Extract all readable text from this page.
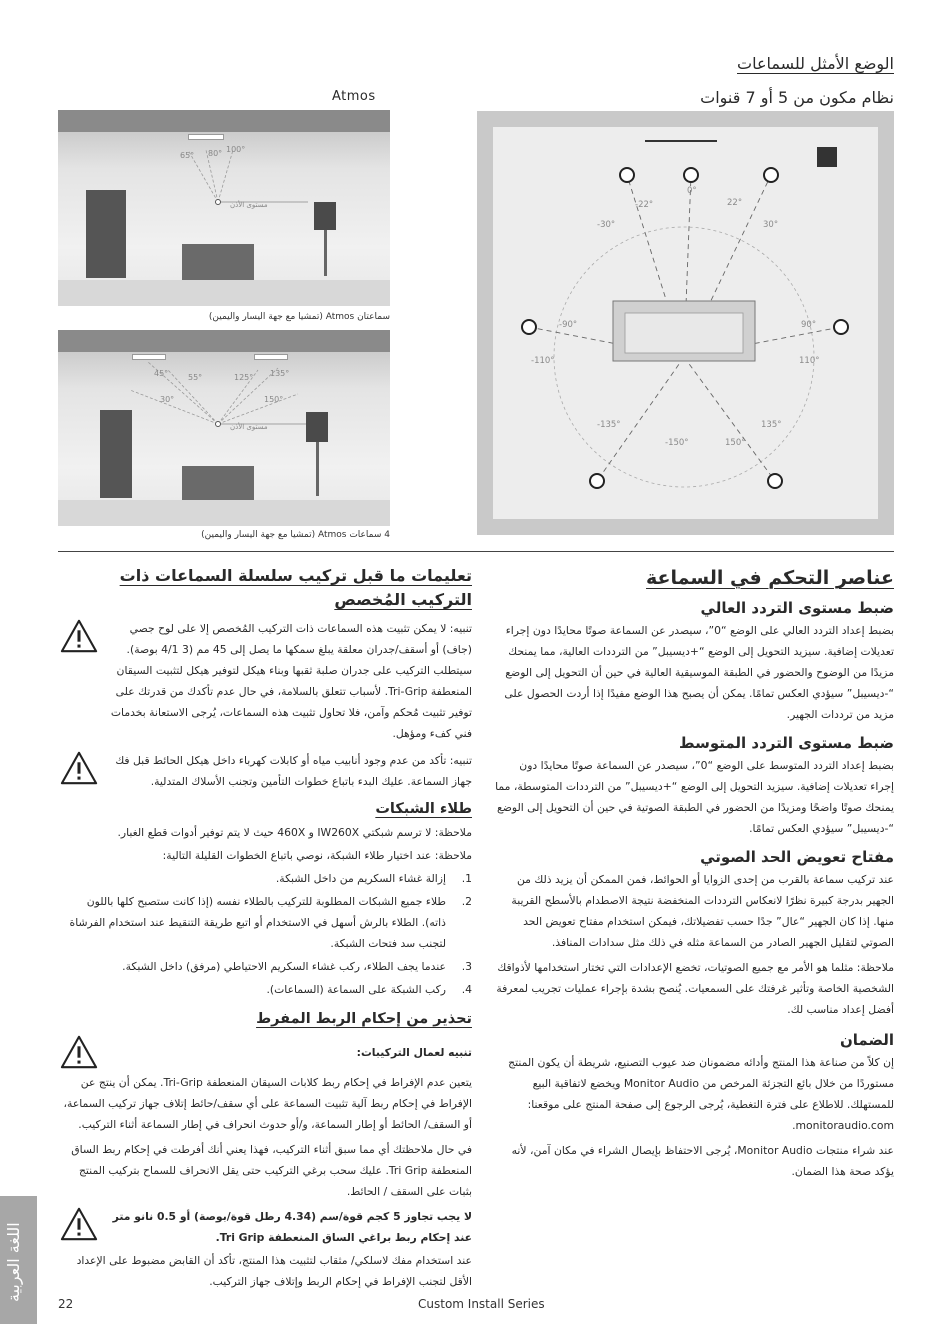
الوضع الأمثل للسماعات
نظام مكون من 5 أو 7 قنوات
Atmos
65° 80° 100°
مستوى الأذن
سماعتان Atmos (تمشيا مع جهة اليسار واليمين)
45° 55°
30°
125° 135°
150°
مستوى الأذن
4 سماعات Atmos (تمشيا مع جهة اليسار واليمين)
-22°	22°
0°
-30°	30°
-90°	90°
-110°	110°
-135°	135°
-150°	150°
عناصر التحكم في السماعة
ضبط مستوى التردد العالي

بضبط إعداد التردد العالي على الوضع “0”، سيصدر عن السماعة صوتًا محايدًا دون إجراء تعديلات إضافية. سيزيد التحويل إلى الوضع “+ديسيبل” من الترددات العالية، مما يمنحك مزيدًا من الوضوح والحضور في الطبقة الموسيقية العالية في حين أن التحويل إلى الوضع “-ديسيبل” سيؤدي العكس تمامًا. يمكن أن يصبح هذا الوضع مفيدًا إذا أردت الحصول على مزيد من ترددات الجهير.

ضبط مستوى التردد المتوسط

بضبط إعداد التردد المتوسط على الوضع “0”، سيصدر عن السماعة صوتًا محايدًا دون إجراء تعديلات إضافية. سيزيد التحويل إلى الوضع “+ديسيبل” من الترددات المتوسطة، مما يمنحك صوتًا واضحًا ومزيدًا من الحضور في الطبقة الصوتية في حين أن التحويل إلى الوضع “-ديسيبل” سيؤدي العكس تمامًا.

مفتاح تعويض الحد الصوتي

عند تركيب سماعة بالقرب من إحدى الزوايا أو الحوائط، فمن الممكن أن يزيد ذلك من الجهير بدرجة كبيرة نظرًا لانعكاس الترددات المنخفضة نتيجة الاصطدام بالأسطح القريبة منها. إذا كان الجهير “عال” جدًا حسب تفضيلاتك، فيمكن استخدام مفتاح تعويض الحد الصوتي لتقليل الجهير الصادر من السماعة مثله في ذلك مثل سدادات المنافذ.

ملاحظة: مثلما هو الأمر مع جميع الصوتيات، تخضع الإعدادات التي تختار استخدامها لأذواقك الشخصية الخاصة وتأثير غرفتك على السمعيات. يُنصح بشدة بإجراء عمليات تجريب لمعرفة أفضل إعداد مناسب لك.

الضمان

إن كلاً من صناعة هذا المنتج وأدائه مضمونان ضد عيوب التصنيع، شريطة أن يكون المنتج مستوردًا من خلال بائع التجزئة المرخص من Monitor Audio ويخضع لاتفاقية البيع للمستهلك. للاطلاع على فترة التغطية، يُرجى الرجوع إلى صفحة المنتج على موقعنا: monitoraudio.com.

عند شراء منتجات Monitor Audio، يُرجى الاحتفاظ بإيصال الشراء في مكان آمن، لأنه يؤكد صحة هذا الضمان.

تعليمات ما قبل تركيب سلسلة السماعات ذات التركيب المُخصص

تنبيه: لا يمكن تثبيت هذه السماعات ذات التركيب المُخصص إلا على لوح جصي (جاف) أو أسقف/جدران معلقة يبلغ سمكها ما يصل إلى 45 مم (3 4/1 بوصة). سيتطلب التركيب على جدران صلبة ثقبها وبناء هيكل لتوفير هيكل لتثبيت السيقان المنعطفة Tri-Grip. لأسباب تتعلق بالسلامة، في حال عدم تأكدك من قدرتك على توفير تثبيت مُحكم وآمن، فلا تحاول تثبيت هذه السماعات، يُرجى الاستعانة بخدمات فني كفء ومؤهل.

تنبيه: تأكد من عدم وجود أنابيب مياه أو كابلات كهرباء داخل هيكل الحائط قبل فك جهاز السماعة. عليك البدء باتباع خطوات التأمين وتجنب الأسلاك المتدلية.

طلاء الشبكات

ملاحظة: لا ترسم شبكتي IW260X و 460X حيث لا يتم توفير أدوات قطع الغبار.

ملاحظة: عند اختيار طلاء الشبكة، نوصي باتباع الخطوات القليلة التالية:

1.
إزالة غشاء السكريم من داخل الشبكة.
2.
طلاء جميع الشبكات المطلوبة للتركيب بالطلاء نفسه (إذا كانت ستصبح كلها باللون ذاته). الطلاء بالرش أسهل في الاستخدام أو اتبع طريقة التنقيط عند استخدام الفرشاة لتجنب سد فتحات الشبكة.
3.
عندما يجف الطلاء، ركب غشاء السكريم الاحتياطي (مرفق) داخل الشبكة.
4.
ركب الشبكة على السماعة (السماعات).
تحذير من إحكام الربط المفرط

تنبيه لعمال التركيبات:

يتعين عدم الإفراط في إحكام ربط كلابات السيقان المنعطفة Tri-Grip. يمكن أن ينتج عن الإفراط في إحكام ربط آلية تثبيت السماعة على أي سقف/حائط إتلاف جهاز تركيب السماعة، أو السقف/ الحائط أو إطار السماعة، و/أو حدوث انحراف في إطار السماعة أثناء التركيب.

في حال ملاحظتك أي مما سبق أثناء التركيب، فهذا يعني أنك أفرطت في إحكام ربط الساق المنعطفة Tri Grip. عليك سحب برغي التركيب حتى يقل الانحراف للسماح بتركيب المنتج بثبات على السقف / الحائط.

لا يجب تجاوز 5 كجم قوة/سم (4.34 رطل قوة/بوصة) أو 0.5 نانو متر عند إحكام ربط براغي الساق المنعطفة Tri Grip.

عند استخدام مفك لاسلكي/ مثقاب لتثبيت هذا المنتج، تأكد أن القابض مضبوط على الإعداد الأقل لتجنب الإفراط في إحكام الربط وإتلاف جهاز التركيب.

اللغة العربية
22	Custom Install Series
